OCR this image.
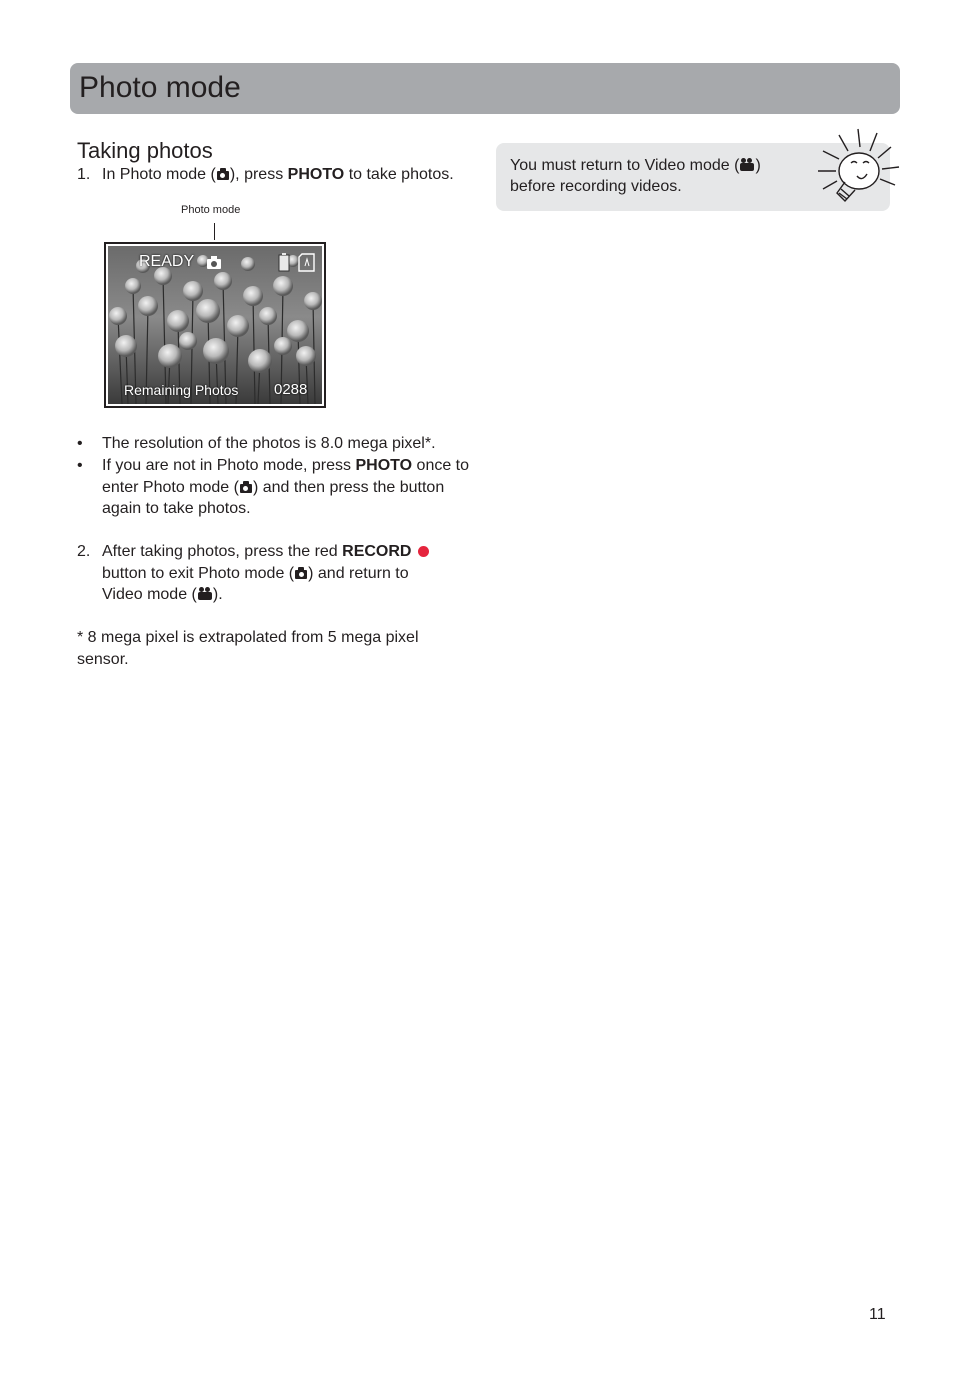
Photo mode
Taking photos
1. In Photo mode ( ), press PHOTO to take photos.
Photo mode
READY
Remaining Photos 0288
• The resolution of the photos is 8.0 mega pixel*.
• If you are not in Photo mode, press PHOTO once to enter Photo mode ( ) and then press the button again to take photos.
2. After taking photos, press the red RECORD  button to exit Photo mode ( ) and return to Video mode ( ).
* 8 mega pixel is extrapolated from 5 mega pixel sensor.
You must return to Video mode ( ) before recording videos.
11
